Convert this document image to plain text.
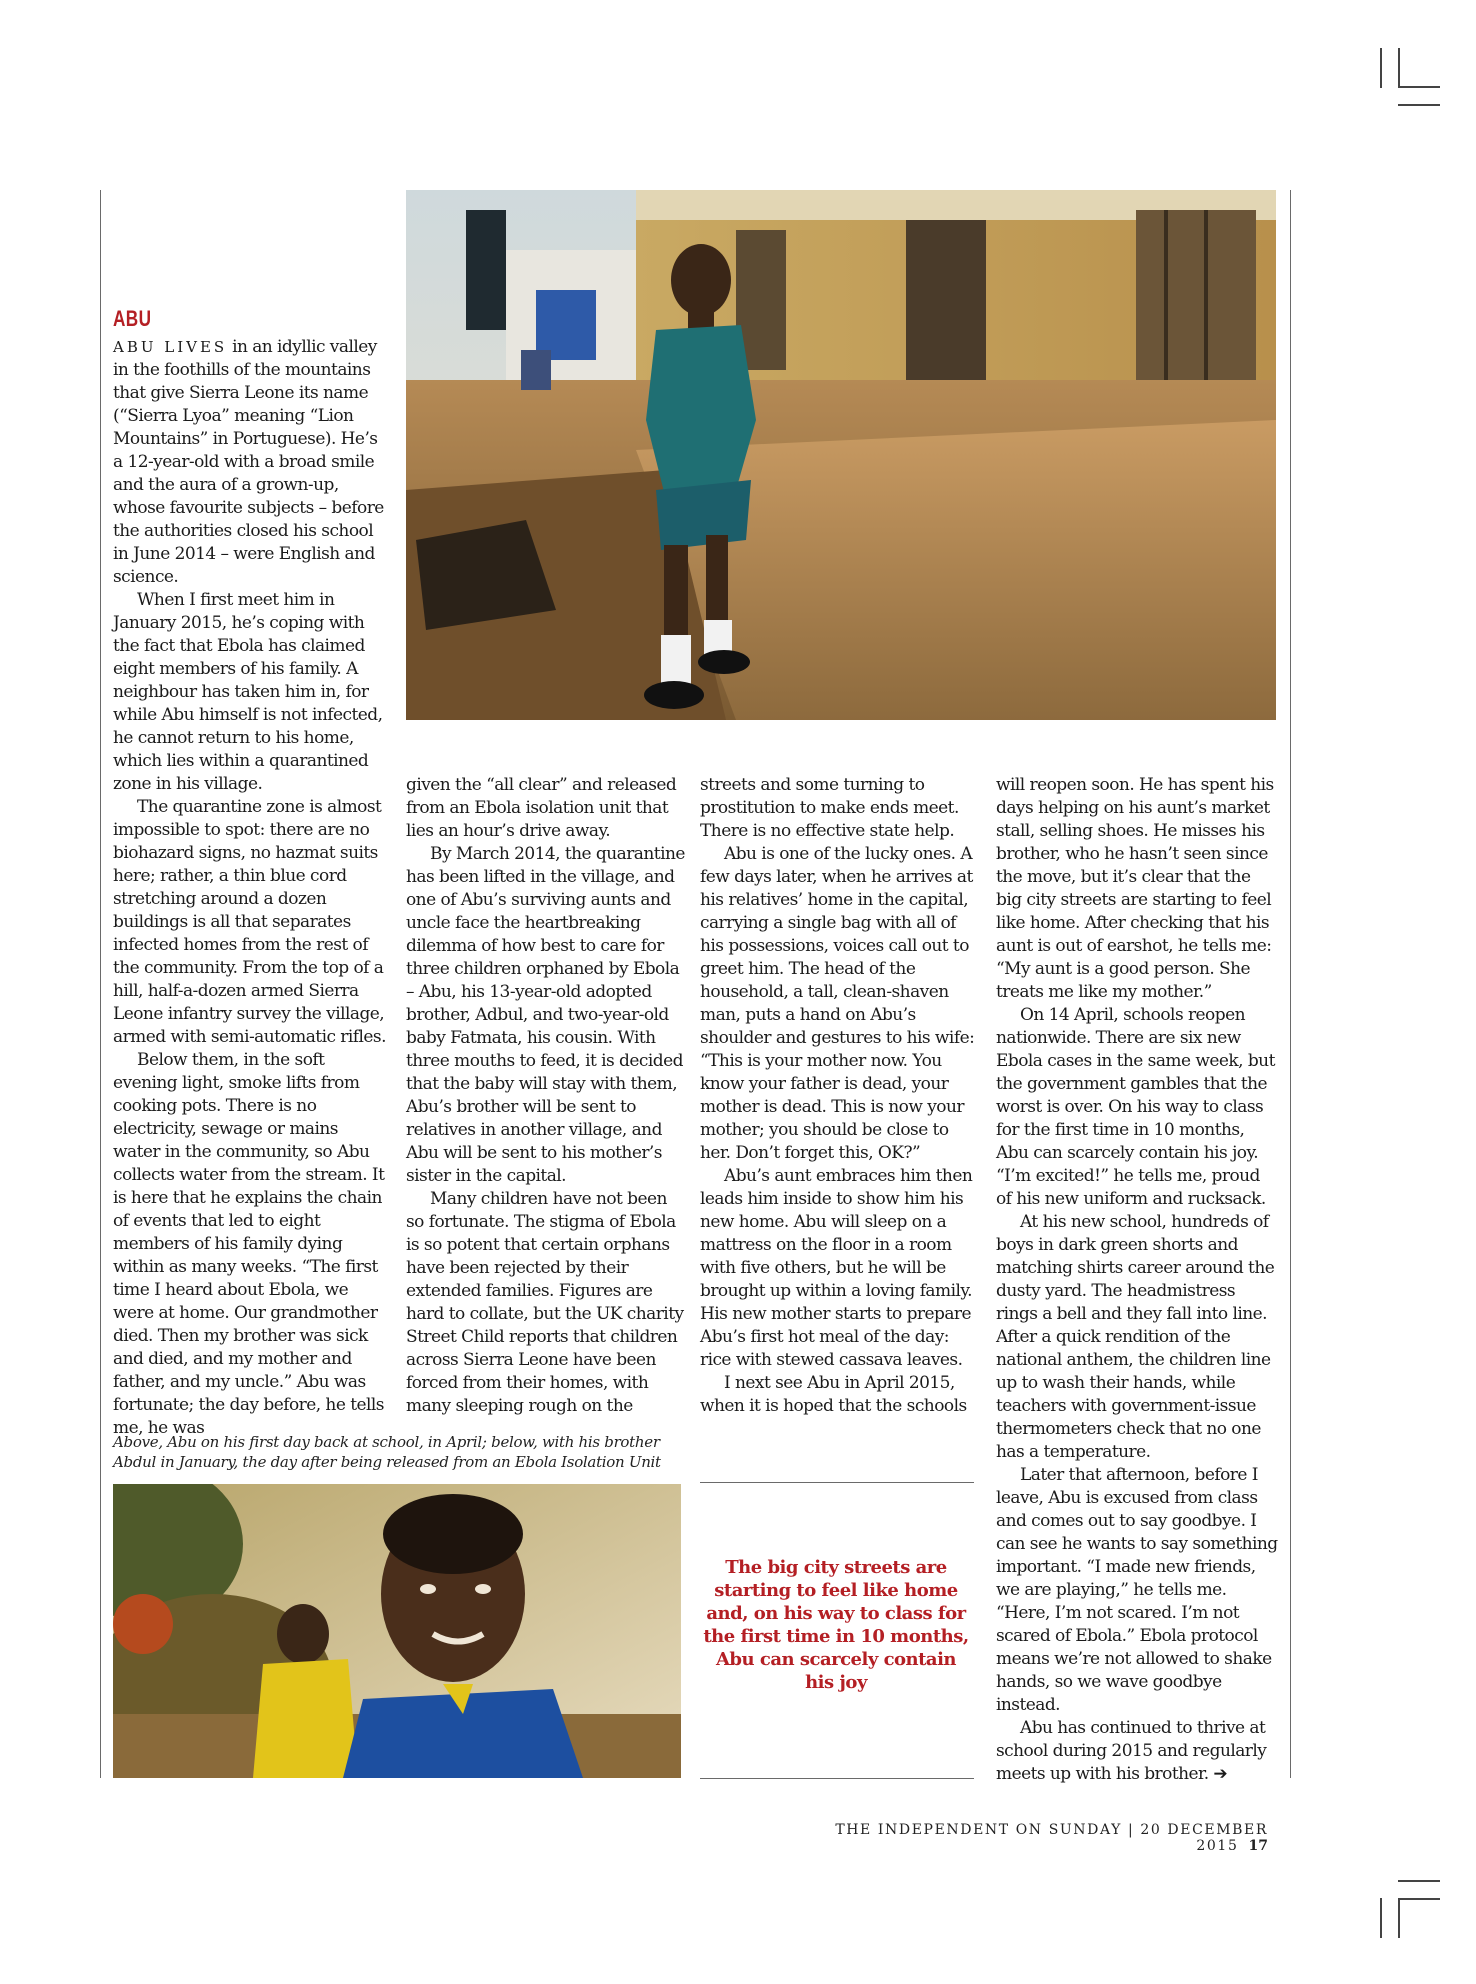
ABU

ABU LIVES in an idyllic valley in the foothills of the mountains that give Sierra Leone its name (“Sierra Lyoa” meaning “Lion Mountains” in Portuguese). He’s a 12-year-old with a broad smile and the aura of a grown-up, whose favourite subjects – before the authorities closed his school in June 2014 – were English and science.

When I first meet him in January 2015, he’s coping with the fact that Ebola has claimed eight members of his family. A neighbour has taken him in, for while Abu himself is not infected, he cannot return to his home, which lies within a quarantined zone in his village.

The quarantine zone is almost impossible to spot: there are no biohazard signs, no hazmat suits here; rather, a thin blue cord stretching around a dozen buildings is all that separates infected homes from the rest of the community. From the top of a hill, half-a-dozen armed Sierra Leone infantry survey the village, armed with semi-automatic rifles.

Below them, in the soft evening light, smoke lifts from cooking pots. There is no electricity, sewage or mains water in the community, so Abu collects water from the stream. It is here that he explains the chain of events that led to eight members of his family dying within as many weeks. “The first time I heard about Ebola, we were at home. Our grandmother died. Then my brother was sick and died, and my mother and father, and my uncle.” Abu was fortunate; the day before, he tells me, he was

given the “all clear” and released from an Ebola isolation unit that lies an hour’s drive away.

By March 2014, the quarantine has been lifted in the village, and one of Abu’s surviving aunts and uncle face the heartbreaking dilemma of how best to care for three children orphaned by Ebola – Abu, his 13-year-old adopted brother, Adbul, and two-year-old baby Fatmata, his cousin. With three mouths to feed, it is decided that the baby will stay with them, Abu’s brother will be sent to relatives in another village, and Abu will be sent to his mother’s sister in the capital.

Many children have not been so fortunate. The stigma of Ebola is so potent that certain orphans have been rejected by their extended families. Figures are hard to collate, but the UK charity Street Child reports that children across Sierra Leone have been forced from their homes, with many sleeping rough on the

streets and some turning to prostitution to make ends meet. There is no effective state help.

Abu is one of the lucky ones. A few days later, when he arrives at his relatives’ home in the capital, carrying a single bag with all of his possessions, voices call out to greet him. The head of the household, a tall, clean-shaven man, puts a hand on Abu’s shoulder and gestures to his wife: “This is your mother now. You know your father is dead, your mother is dead. This is now your mother; you should be close to her. Don’t forget this, OK?”

Abu’s aunt embraces him then leads him inside to show him his new home. Abu will sleep on a mattress on the floor in a room with five others, but he will be brought up within a loving family. His new mother starts to prepare Abu’s first hot meal of the day: rice with stewed cassava leaves.

I next see Abu in April 2015, when it is hoped that the schools

will reopen soon. He has spent his days helping on his aunt’s market stall, selling shoes. He misses his brother, who he hasn’t seen since the move, but it’s clear that the big city streets are starting to feel like home. After checking that his aunt is out of earshot, he tells me: “My aunt is a good person. She treats me like my mother.”

On 14 April, schools reopen nationwide. There are six new Ebola cases in the same week, but the government gambles that the worst is over. On his way to class for the first time in 10 months, Abu can scarcely contain his joy. “I’m excited!” he tells me, proud of his new uniform and rucksack.

At his new school, hundreds of boys in dark green shorts and matching shirts career around the dusty yard. The headmistress rings a bell and they fall into line. After a quick rendition of the national anthem, the children line up to wash their hands, while teachers with government-issue thermometers check that no one has a temperature.

Later that afternoon, before I leave, Abu is excused from class and comes out to say goodbye. I can see he wants to say something important. “I made new friends, we are playing,” he tells me. “Here, I’m not scared. I’m not scared of Ebola.” Ebola protocol means we’re not allowed to shake hands, so we wave goodbye instead.

Abu has continued to thrive at school during 2015 and regularly meets up with his brother. ➔

Above, Abu on his first day back at school, in April; below, with his brother Abdul in January, the day after being released from an Ebola Isolation Unit
The big city streets are starting to feel like home and, on his way to class for the first time in 10 months, Abu can scarcely contain his joy
THE INDEPENDENT ON SUNDAY | 20 DECEMBER 2015 17
